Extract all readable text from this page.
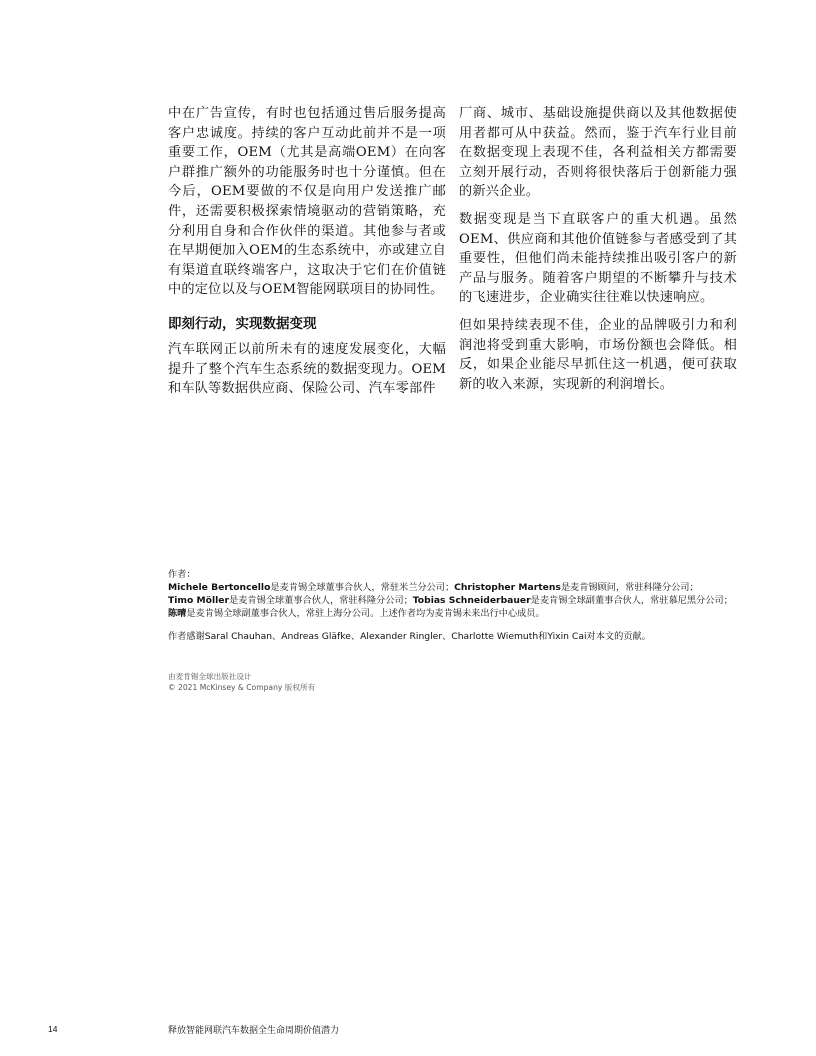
中在广告宣传，有时也包括通过售后服务提高客户忠诚度。持续的客户互动此前并不是一项重要工作，OEM（尤其是高端OEM）在向客户群推广额外的功能服务时也十分谨慎。但在今后，OEM要做的不仅是向用户发送推广邮件，还需要积极探索情境驱动的营销策略，充分利用自身和合作伙伴的渠道。其他参与者或在早期便加入OEM的生态系统中，亦或建立自有渠道直联终端客户，这取决于它们在价值链中的定位以及与OEM智能网联项目的协同性。

即刻行动，实现数据变现

汽车联网正以前所未有的速度发展变化，大幅提升了整个汽车生态系统的数据变现力。OEM和车队等数据供应商、保险公司、汽车零部件

厂商、城市、基础设施提供商以及其他数据使用者都可从中获益。然而，鉴于汽车行业目前在数据变现上表现不佳，各利益相关方都需要立刻开展行动，否则将很快落后于创新能力强的新兴企业。

数据变现是当下直联客户的重大机遇。虽然OEM、供应商和其他价值链参与者感受到了其重要性，但他们尚未能持续推出吸引客户的新产品与服务。随着客户期望的不断攀升与技术的飞速进步，企业确实往往难以快速响应。

但如果持续表现不佳，企业的品牌吸引力和利润池将受到重大影响，市场份额也会降低。相反，如果企业能尽早抓住这一机遇，便可获取新的收入来源，实现新的利润增长。

作者：

Michele Bertoncello是麦肯锡全球董事合伙人，常驻米兰分公司；Christopher Martens是麦肯锡顾问，常驻科隆分公司；
Timo Möller是麦肯锡全球董事合伙人，常驻科隆分公司；Tobias Schneiderbauer是麦肯锡全球副董事合伙人，常驻慕尼黑分公司；
陈晴是麦肯锡全球副董事合伙人，常驻上海分公司。上述作者均为麦肯锡未来出行中心成员。

作者感谢Saral Chauhan、Andreas Gläfke、Alexander Ringler、Charlotte Wiemuth和Yixin Cai对本文的贡献。

由麦肯锡全球出版社设计

© 2021 McKinsey & Company 版权所有

14	释放智能网联汽车数据全生命周期价值潜力
